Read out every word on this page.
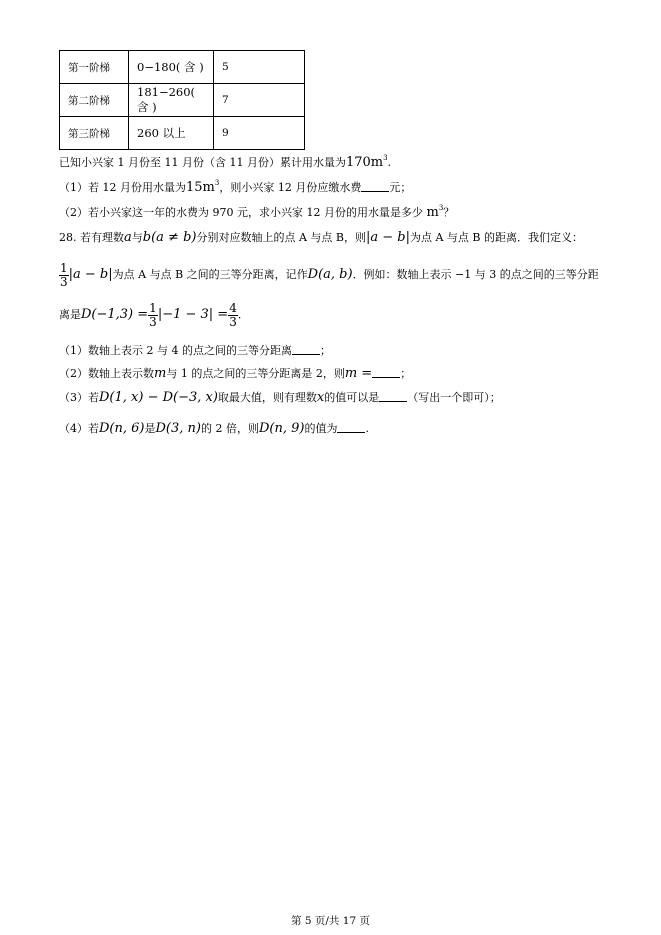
第一阶梯	0−180( 含 )	5
第二阶梯	181−260( 含 )	7
第三阶梯	260 以上	9
已知小兴家 1 月份至 11 月份（含 11 月份）累计用水量为$170m^3$.
（1）若 12 月份用水量为$15m^3$，则小兴家 12 月份应缴水费	元；
（2）若小兴家这一年的水费为 970 元，求小兴家 12 月份的用水量是多少 $m^3$？
28. 若有理数a与b(a ≠ b)分别对应数轴上的点 A 与点 B，则|a − b|为点 A 与点 B 的距离．我们定义：
$\frac{1}{3} |a - b|$为点 A 与点 B 之间的三等分距离，记作D(a, b)．例如：数轴上表示 −1 与 3 的点之间的三等分距
离是$D(-1,3) = \frac{1}{3} |-1 - 3| = \frac{4}{3}$ ．
（1）数轴上表示 2 与 4 的点之间的三等分距离	；
（2）数轴上表示数m与 1 的点之间的三等分距离是 2，则m =	；
（3）若D(1, x) − D(−3, x)取最大值，则有理数x的值可以是	（写出一个即可）；
（4）若D(n, 6)是D(3, n)的 2 倍，则D(n, 9)的值为	.
第 5 页/共 17 页
